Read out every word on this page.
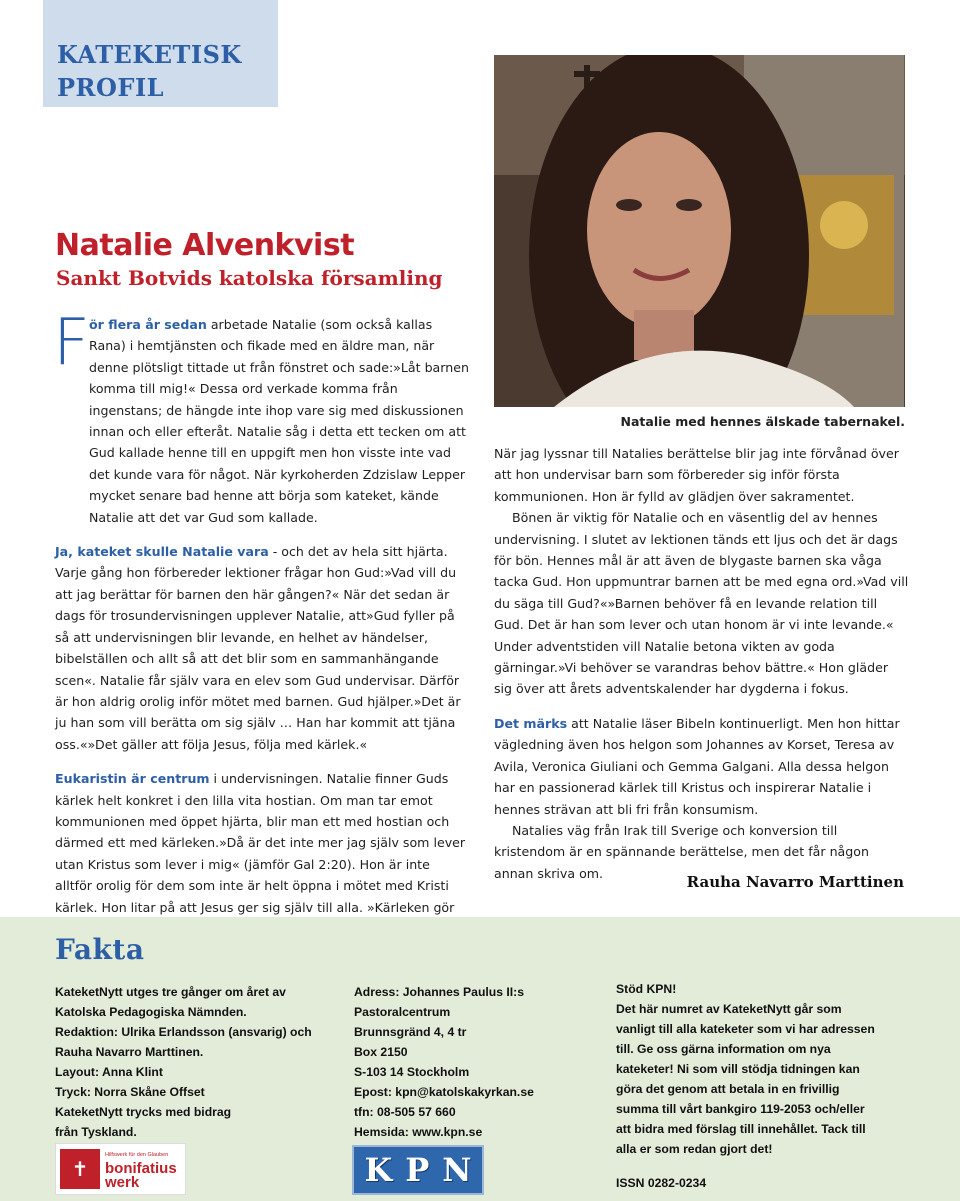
KATEKETISK
PROFIL
Natalie med hennes älskade tabernakel.
Natalie Alvenkvist
Sankt Botvids katolska församling

F ör flera år sedan arbetade Natalie (som också kallas Rana) i hemtjänsten och fikade med en äldre man, när denne plötsligt tittade ut från fönstret och sade:»Låt barnen komma till mig!« Dessa ord verkade komma från ingenstans; de hängde inte ihop vare sig med diskussionen innan och eller efteråt. Natalie såg i detta ett tecken om att Gud kallade henne till en uppgift men hon visste inte vad det kunde vara för något. När kyrkoherden Zdzislaw Lepper mycket senare bad henne att börja som kateket, kände Natalie att det var Gud som kallade.

Ja, kateket skulle Natalie vara - och det av hela sitt hjärta. Varje gång hon förbereder lektioner frågar hon Gud:»Vad vill du att jag berättar för barnen den här gången?« När det sedan är dags för trosundervisningen upplever Natalie, att»Gud fyller på så att undervisningen blir levande, en helhet av händelser, bibelställen och allt så att det blir som en sammanhängande scen«. Natalie får själv vara en elev som Gud undervisar. Därför är hon aldrig orolig inför mötet med barnen. Gud hjälper.»Det är ju han som vill berätta om sig själv … Han har kommit att tjäna oss.«»Det gäller att följa Jesus, följa med kärlek.«

Eukaristin är centrum i undervisningen. Natalie finner Guds kärlek helt konkret i den lilla vita hostian. Om man tar emot kommunionen med öppet hjärta, blir man ett med hostian och därmed ett med kärleken.»Då är det inte mer jag själv som lever utan Kristus som lever i mig« (jämför Gal 2:20). Hon är inte alltför orolig för dem som inte är helt öppna i mötet med Kristi kärlek. Hon litar på att Jesus ger sig själv till alla. »Kärleken gör

När jag lyssnar till Natalies berättelse blir jag inte förvånad över att hon undervisar barn som förbereder sig inför första kommunionen. Hon är fylld av glädjen över sakramentet.

Bönen är viktig för Natalie och en väsentlig del av hennes undervisning. I slutet av lektionen tänds ett ljus och det är dags för bön. Hennes mål är att även de blygaste barnen ska våga tacka Gud. Hon uppmuntrar barnen att be med egna ord.»Vad vill du säga till Gud?«»Barnen behöver få en levande relation till Gud. Det är han som lever och utan honom är vi inte levande.« Under adventstiden vill Natalie betona vikten av goda gärningar.»Vi behöver se varandras behov bättre.« Hon gläder sig över att årets adventskalender har dygderna i fokus.

Det märks att Natalie läser Bibeln kontinuerligt. Men hon hittar vägledning även hos helgon som Johannes av Korset, Teresa av Avila, Veronica Giuliani och Gemma Galgani. Alla dessa helgon har en passionerad kärlek till Kristus och inspirerar Natalie i hennes strävan att bli fri från konsumism.

Natalies väg från Irak till Sverige och konversion till kristendom är en spännande berättelse, men det får någon annan skriva om.	Rauha Navarro Marttinen
Fakta
KateketNytt utges tre gånger om året av
Katolska Pedagogiska Nämnden.
Redaktion: Ulrika Erlandsson (ansvarig) och
Rauha Navarro Marttinen.
Layout: Anna Klint
Tryck: Norra Skåne Offset
KateketNytt trycks med bidrag
från Tyskland.
Adress: Johannes Paulus II:s
Pastoralcentrum
Brunnsgränd 4, 4 tr
Box 2150
S-103 14 Stockholm
Epost: kpn@katolskakyrkan.se
tfn: 08-505 57 660
Hemsida: www.kpn.se
Stöd KPN!
Det här numret av KateketNytt går som
vanligt till alla kateketer som vi har adressen
till. Ge oss gärna information om nya
kateketer! Ni som vill stödja tidningen kan
göra det genom att betala in en frivillig
summa till vårt bankgiro 119-2053 och/eller
att bidra med förslag till innehållet. Tack till
alla er som redan gjort det!
ISSN 0282-0234
✝
Hilfswerk für den Glauben
bonifatius
werk	K P N
